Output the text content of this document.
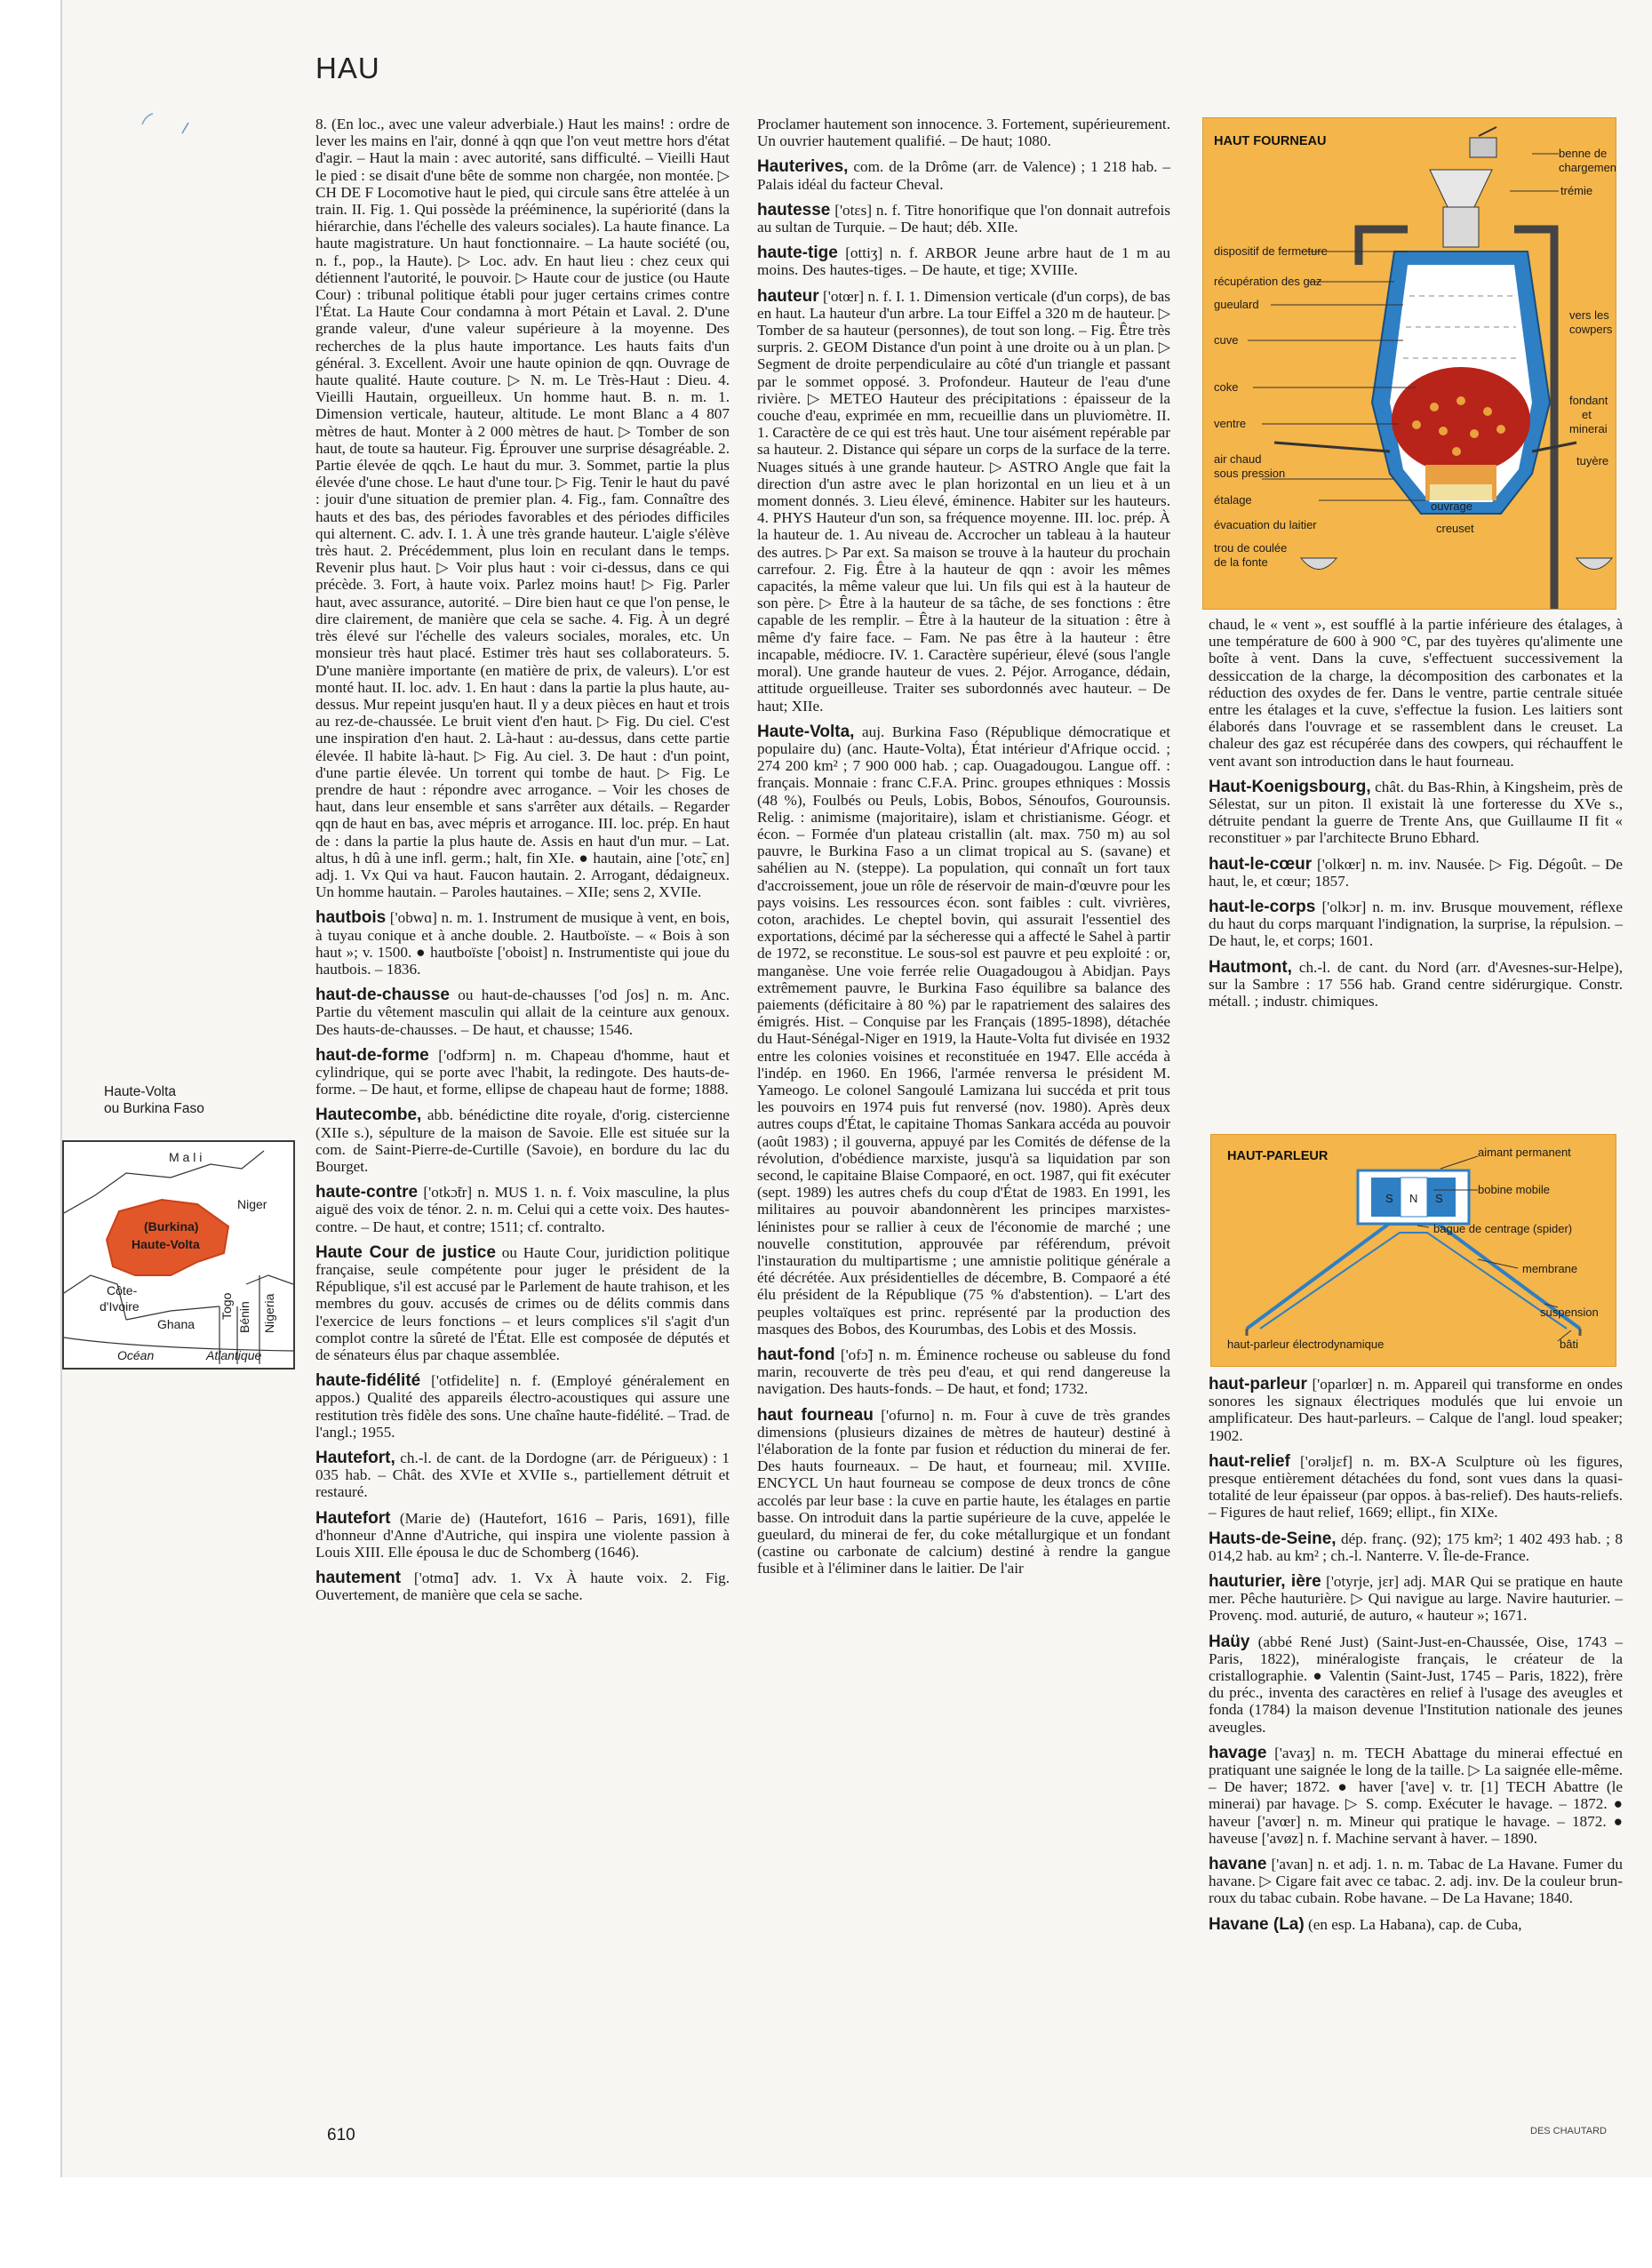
HAU

8. (En loc., avec une valeur adverbiale.) Haut les mains! : ordre de lever les mains en l'air, donné à qqn que l'on veut mettre hors d'état d'agir. – Haut la main : avec autorité, sans difficulté. – Vieilli Haut le pied : se disait d'une bête de somme non chargée, non montée. ▷ CH DE F Locomotive haut le pied, qui circule sans être attelée à un train. II. Fig. 1. Qui possède la prééminence, la supériorité (dans la hiérarchie, dans l'échelle des valeurs sociales). La haute finance. La haute magistrature. Un haut fonctionnaire. – La haute société (ou, n. f., pop., la Haute). ▷ Loc. adv. En haut lieu : chez ceux qui détiennent l'autorité, le pouvoir. ▷ Haute cour de justice (ou Haute Cour) : tribunal politique établi pour juger certains crimes contre l'État. La Haute Cour condamna à mort Pétain et Laval. 2. D'une grande valeur, d'une valeur supérieure à la moyenne. Des recherches de la plus haute importance. Les hauts faits d'un général. 3. Excellent. Avoir une haute opinion de qqn. Ouvrage de haute qualité. Haute couture. ▷ N. m. Le Très-Haut : Dieu. 4. Vieilli Hautain, orgueilleux. Un homme haut. B. n. m. 1. Dimension verticale, hauteur, altitude. Le mont Blanc a 4 807 mètres de haut. Monter à 2 000 mètres de haut. ▷ Tomber de son haut, de toute sa hauteur. Fig. Éprouver une surprise désagréable. 2. Partie élevée de qqch. Le haut du mur. 3. Sommet, partie la plus élevée d'une chose. Le haut d'une tour. ▷ Fig. Tenir le haut du pavé : jouir d'une situation de premier plan. 4. Fig., fam. Connaître des hauts et des bas, des périodes favorables et des périodes difficiles qui alternent. C. adv. I. 1. À une très grande hauteur. L'aigle s'élève très haut. 2. Précédemment, plus loin en reculant dans le temps. Revenir plus haut. ▷ Voir plus haut : voir ci-dessus, dans ce qui précède. 3. Fort, à haute voix. Parlez moins haut! ▷ Fig. Parler haut, avec assurance, autorité. – Dire bien haut ce que l'on pense, le dire clairement, de manière que cela se sache. 4. Fig. À un degré très élevé sur l'échelle des valeurs sociales, morales, etc. Un monsieur très haut placé. Estimer très haut ses collaborateurs. 5. D'une manière importante (en matière de prix, de valeurs). L'or est monté haut. II. loc. adv. 1. En haut : dans la partie la plus haute, au-dessus. Mur repeint jusqu'en haut. Il y a deux pièces en haut et trois au rez-de-chaussée. Le bruit vient d'en haut. ▷ Fig. Du ciel. C'est une inspiration d'en haut. 2. Là-haut : au-dessus, dans cette partie élevée. Il habite là-haut. ▷ Fig. Au ciel. 3. De haut : d'un point, d'une partie élevée. Un torrent qui tombe de haut. ▷ Fig. Le prendre de haut : répondre avec arrogance. – Voir les choses de haut, dans leur ensemble et sans s'arrêter aux détails. – Regarder qqn de haut en bas, avec mépris et arrogance. III. loc. prép. En haut de : dans la partie la plus haute de. Assis en haut d'un mur. – Lat. altus, h dû à une infl. germ.; halt, fin XIe. ● hautain, aine ['otɛ̃, ɛn] adj. 1. Vx Qui va haut. Faucon hautain. 2. Arrogant, dédaigneux. Un homme hautain. – Paroles hautaines. – XIIe; sens 2, XVIIe.

hautbois ['obwɑ] n. m. 1. Instrument de musique à vent, en bois, à tuyau conique et à anche double. 2. Hautboïste. – « Bois à son haut »; v. 1500. ● hautboïste ['oboist] n. Instrumentiste qui joue du hautbois. – 1836.

haut-de-chausse ou haut-de-chausses ['od ʃos] n. m. Anc. Partie du vêtement masculin qui allait de la ceinture aux genoux. Des hauts-de-chausses. – De haut, et chausse; 1546.

haut-de-forme ['odfɔrm] n. m. Chapeau d'homme, haut et cylindrique, qui se porte avec l'habit, la redingote. Des hauts-de-forme. – De haut, et forme, ellipse de chapeau haut de forme; 1888.

Hautecombe, abb. bénédictine dite royale, d'orig. cistercienne (XIIe s.), sépulture de la maison de Savoie. Elle est située sur la com. de Saint-Pierre-de-Curtille (Savoie), en bordure du lac du Bourget.

haute-contre ['otkɔ̃tr] n. MUS 1. n. f. Voix masculine, la plus aiguë des voix de ténor. 2. n. m. Celui qui a cette voix. Des hautes-contre. – De haut, et contre; 1511; cf. contralto.

Haute Cour de justice ou Haute Cour, juridiction politique française, seule compétente pour juger le président de la République, s'il est accusé par le Parlement de haute trahison, et les membres du gouv. accusés de crimes ou de délits commis dans l'exercice de leurs fonctions – et leurs complices s'il s'agit d'un complot contre la sûreté de l'État. Elle est composée de députés et de sénateurs élus par chaque assemblée.

haute-fidélité ['otfidelite] n. f. (Employé généralement en appos.) Qualité des appareils électro-acoustiques qui assure une restitution très fidèle des sons. Une chaîne haute-fidélité. – Trad. de l'angl.; 1955.

Hautefort, ch.-l. de cant. de la Dordogne (arr. de Périgueux) : 1 035 hab. – Chât. des XVIe et XVIIe s., partiellement détruit et restauré.

Hautefort (Marie de) (Hautefort, 1616 – Paris, 1691), fille d'honneur d'Anne d'Autriche, qui inspira une violente passion à Louis XIII. Elle épousa le duc de Schomberg (1646).

hautement ['otmɑ̃] adv. 1. Vx À haute voix. 2. Fig. Ouvertement, de manière que cela se sache.

Proclamer hautement son innocence. 3. Fortement, supérieurement. Un ouvrier hautement qualifié. – De haut; 1080.

Hauterives, com. de la Drôme (arr. de Valence) ; 1 218 hab. – Palais idéal du facteur Cheval.

hautesse ['otɛs] n. f. Titre honorifique que l'on donnait autrefois au sultan de Turquie. – De haut; déb. XIIe.

haute-tige [ottiʒ] n. f. ARBOR Jeune arbre haut de 1 m au moins. Des hautes-tiges. – De haute, et tige; XVIIIe.

hauteur ['otœr] n. f. I. 1. Dimension verticale (d'un corps), de bas en haut. La hauteur d'un arbre. La tour Eiffel a 320 m de hauteur. ▷ Tomber de sa hauteur (personnes), de tout son long. – Fig. Être très surpris. 2. GEOM Distance d'un point à une droite ou à un plan. ▷ Segment de droite perpendiculaire au côté d'un triangle et passant par le sommet opposé. 3. Profondeur. Hauteur de l'eau d'une rivière. ▷ METEO Hauteur des précipitations : épaisseur de la couche d'eau, exprimée en mm, recueillie dans un pluviomètre. II. 1. Caractère de ce qui est très haut. Une tour aisément repérable par sa hauteur. 2. Distance qui sépare un corps de la surface de la terre. Nuages situés à une grande hauteur. ▷ ASTRO Angle que fait la direction d'un astre avec le plan horizontal en un lieu et à un moment donnés. 3. Lieu élevé, éminence. Habiter sur les hauteurs. 4. PHYS Hauteur d'un son, sa fréquence moyenne. III. loc. prép. À la hauteur de. 1. Au niveau de. Accrocher un tableau à la hauteur des autres. ▷ Par ext. Sa maison se trouve à la hauteur du prochain carrefour. 2. Fig. Être à la hauteur de qqn : avoir les mêmes capacités, la même valeur que lui. Un fils qui est à la hauteur de son père. ▷ Être à la hauteur de sa tâche, de ses fonctions : être capable de les remplir. – Être à la hauteur de la situation : être à même d'y faire face. – Fam. Ne pas être à la hauteur : être incapable, médiocre. IV. 1. Caractère supérieur, élevé (sous l'angle moral). Une grande hauteur de vues. 2. Péjor. Arrogance, dédain, attitude orgueilleuse. Traiter ses subordonnés avec hauteur. – De haut; XIIe.

Haute-Volta, auj. Burkina Faso (République démocratique et populaire du) (anc. Haute-Volta), État intérieur d'Afrique occid. ; 274 200 km² ; 7 900 000 hab. ; cap. Ouagadougou. Langue off. : français. Monnaie : franc C.F.A. Princ. groupes ethniques : Mossis (48 %), Foulbés ou Peuls, Lobis, Bobos, Sénoufos, Gourounsis. Relig. : animisme (majoritaire), islam et christianisme. Géogr. et écon. – Formée d'un plateau cristallin (alt. max. 750 m) au sol pauvre, le Burkina Faso a un climat tropical au S. (savane) et sahélien au N. (steppe). La population, qui connaît un fort taux d'accroissement, joue un rôle de réservoir de main-d'œuvre pour les pays voisins. Les ressources écon. sont faibles : cult. vivrières, coton, arachides. Le cheptel bovin, qui assurait l'essentiel des exportations, décimé par la sécheresse qui a affecté le Sahel à partir de 1972, se reconstitue. Le sous-sol est pauvre et peu exploité : or, manganèse. Une voie ferrée relie Ouagadougou à Abidjan. Pays extrêmement pauvre, le Burkina Faso équilibre sa balance des paiements (déficitaire à 80 %) par le rapatriement des salaires des émigrés. Hist. – Conquise par les Français (1895-1898), détachée du Haut-Sénégal-Niger en 1919, la Haute-Volta fut divisée en 1932 entre les colonies voisines et reconstituée en 1947. Elle accéda à l'indép. en 1960. En 1966, l'armée renversa le président M. Yameogo. Le colonel Sangoulé Lamizana lui succéda et prit tous les pouvoirs en 1974 puis fut renversé (nov. 1980). Après deux autres coups d'État, le capitaine Thomas Sankara accéda au pouvoir (août 1983) ; il gouverna, appuyé par les Comités de défense de la révolution, d'obédience marxiste, jusqu'à sa liquidation par son second, le capitaine Blaise Compaoré, en oct. 1987, qui fit exécuter (sept. 1989) les autres chefs du coup d'État de 1983. En 1991, les militaires au pouvoir abandonnèrent les principes marxistes-léninistes pour se rallier à ceux de l'économie de marché ; une nouvelle constitution, approuvée par référendum, prévoit l'instauration du multipartisme ; une amnistie politique générale a été décrétée. Aux présidentielles de décembre, B. Compaoré a été élu président de la République (75 % d'abstention). – L'art des peuples voltaïques est princ. représenté par la production des masques des Bobos, des Kourumbas, des Lobis et des Mossis.

haut-fond ['ofɔ̃] n. m. Éminence rocheuse ou sableuse du fond marin, recouverte de très peu d'eau, et qui rend dangereuse la navigation. Des hauts-fonds. – De haut, et fond; 1732.

haut fourneau ['ofurno] n. m. Four à cuve de très grandes dimensions (plusieurs dizaines de mètres de hauteur) destiné à l'élaboration de la fonte par fusion et réduction du minerai de fer. Des hauts fourneaux. – De haut, et fourneau; mil. XVIIIe. ENCYCL Un haut fourneau se compose de deux troncs de cône accolés par leur base : la cuve en partie haute, les étalages en partie basse. On introduit dans la partie supérieure de la cuve, appelée le gueulard, du minerai de fer, du coke métallurgique et un fondant (castine ou carbonate de calcium) destiné à rendre la gangue fusible et à l'éliminer dans le laitier. De l'air

HAUT FOURNEAU
benne de
chargement
trémie
dispositif de fermeture
récupération des gaz
gueulard
vers les
cowpers
cuve
coke
fondant
et
minerai
ventre
air chaud
sous pression
tuyère
étalage	ouvrage
évacuation du laitier	creuset
trou de coulée
de la fonte

chaud, le « vent », est soufflé à la partie inférieure des étalages, à une température de 600 à 900 °C, par des tuyères qu'alimente une boîte à vent. Dans la cuve, s'effectuent successivement la dessiccation de la charge, la décomposition des carbonates et la réduction des oxydes de fer. Dans le ventre, partie centrale située entre les étalages et la cuve, s'effectue la fusion. Les laitiers sont élaborés dans l'ouvrage et se rassemblent dans le creuset. La chaleur des gaz est récupérée dans des cowpers, qui réchauffent le vent avant son introduction dans le haut fourneau.

Haut-Koenigsbourg, chât. du Bas-Rhin, à Kingsheim, près de Sélestat, sur un piton. Il existait là une forteresse du XVe s., détruite pendant la guerre de Trente Ans, que Guillaume II fit « reconstituer » par l'architecte Bruno Ebhard.

haut-le-cœur ['olkœr] n. m. inv. Nausée. ▷ Fig. Dégoût. – De haut, le, et cœur; 1857.

haut-le-corps ['olkɔr] n. m. inv. Brusque mouvement, réflexe du haut du corps marquant l'indignation, la surprise, la répulsion. – De haut, le, et corps; 1601.

Hautmont, ch.-l. de cant. du Nord (arr. d'Avesnes-sur-Helpe), sur la Sambre : 17 556 hab. Grand centre sidérurgique. Constr. métall. ; industr. chimiques.

HAUT-PARLEUR
S N S
aimant permanent
bobine mobile
bague de centrage (spider)
membrane
suspension
bâti
haut-parleur électrodynamique

haut-parleur ['oparlœr] n. m. Appareil qui transforme en ondes sonores les signaux électriques modulés que lui envoie un amplificateur. Des haut-parleurs. – Calque de l'angl. loud speaker; 1902.

haut-relief ['orəljɛf] n. m. BX-A Sculpture où les figures, presque entièrement détachées du fond, sont vues dans la quasi-totalité de leur épaisseur (par oppos. à bas-relief). Des hauts-reliefs. – Figures de haut relief, 1669; ellipt., fin XIXe.

Hauts-de-Seine, dép. franç. (92); 175 km²; 1 402 493 hab. ; 8 014,2 hab. au km² ; ch.-l. Nanterre. V. Île-de-France.

hauturier, ière ['otyrje, jɛr] adj. MAR Qui se pratique en haute mer. Pêche hauturière. ▷ Qui navigue au large. Navire hauturier. – Provenç. mod. auturié, de auturo, « hauteur »; 1671.

Haüy (abbé René Just) (Saint-Just-en-Chaussée, Oise, 1743 – Paris, 1822), minéralogiste français, le créateur de la cristallographie. ● Valentin (Saint-Just, 1745 – Paris, 1822), frère du préc., inventa des caractères en relief à l'usage des aveugles et fonda (1784) la maison devenue l'Institution nationale des jeunes aveugles.

havage ['avaʒ] n. m. TECH Abattage du minerai effectué en pratiquant une saignée le long de la taille. ▷ La saignée elle-même. – De haver; 1872. ● haver ['ave] v. tr. [1] TECH Abattre (le minerai) par havage. ▷ S. comp. Exécuter le havage. – 1872. ● haveur ['avœr] n. m. Mineur qui pratique le havage. – 1872. ● haveuse ['avøz] n. f. Machine servant à haver. – 1890.

havane ['avan] n. et adj. 1. n. m. Tabac de La Havane. Fumer du havane. ▷ Cigare fait avec ce tabac. 2. adj. inv. De la couleur brun-roux du tabac cubain. Robe havane. – De La Havane; 1840.

Havane (La) (en esp. La Habana), cap. de Cuba,

Haute-Volta
ou Burkina Faso
M a l i
(Burkina)
Haute-Volta
Niger
Côte-
d'Ivoire
Ghana
Togo Bénin Nigeria
Océan	Atlantique
610	DES CHAUTARD
